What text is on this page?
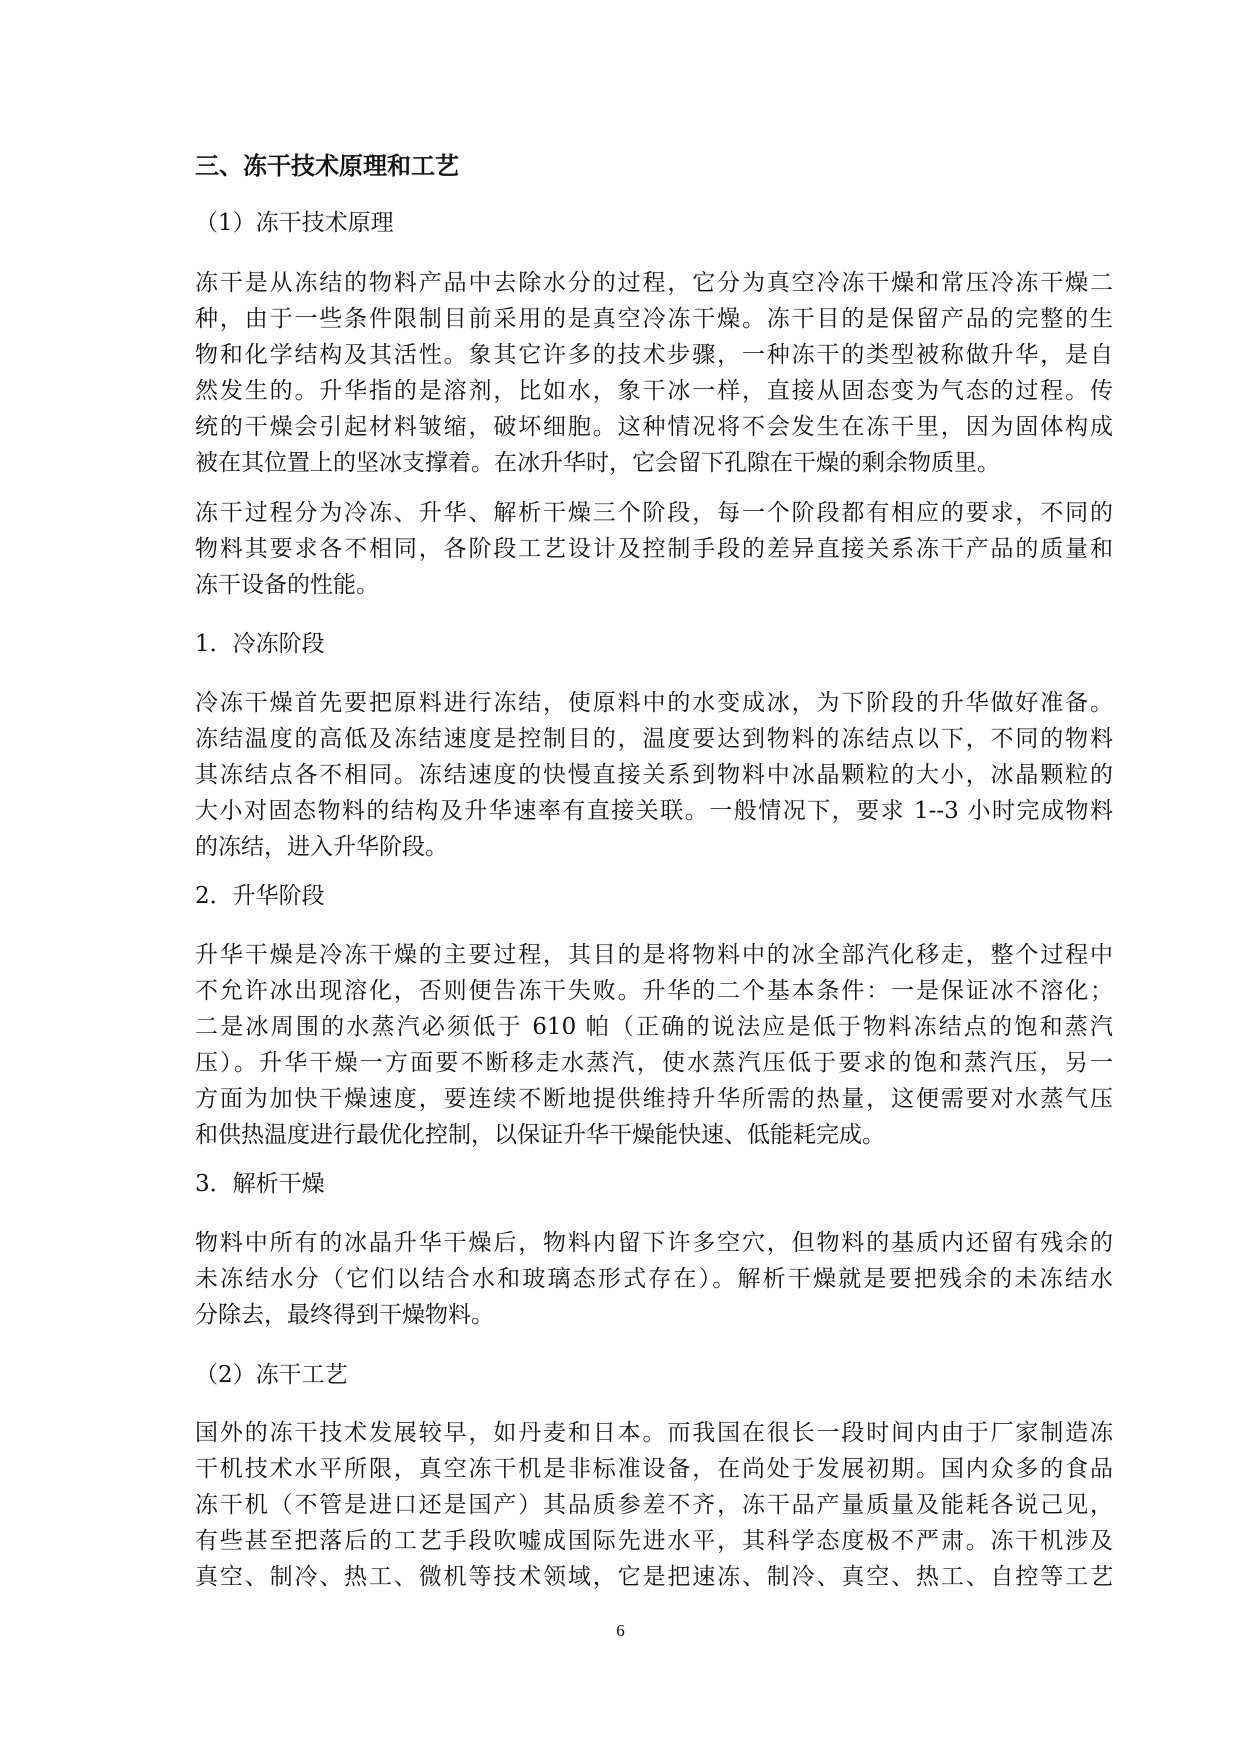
三、冻干技术原理和工艺
（1）冻干技术原理
冻干是从冻结的物料产品中去除水分的过程，它分为真空冷冻干燥和常压冷冻干燥二
种，由于一些条件限制目前采用的是真空冷冻干燥。冻干目的是保留产品的完整的生
物和化学结构及其活性。象其它许多的技术步骤，一种冻干的类型被称做升华，是自
然发生的。升华指的是溶剂，比如水，象干冰一样，直接从固态变为气态的过程。传
统的干燥会引起材料皱缩，破坏细胞。这种情况将不会发生在冻干里，因为固体构成
被在其位置上的坚冰支撑着。在冰升华时，它会留下孔隙在干燥的剩余物质里。
冻干过程分为冷冻、升华、解析干燥三个阶段，每一个阶段都有相应的要求，不同的
物料其要求各不相同，各阶段工艺设计及控制手段的差异直接关系冻干产品的质量和
冻干设备的性能。
1．冷冻阶段
冷冻干燥首先要把原料进行冻结，使原料中的水变成冰，为下阶段的升华做好准备。
冻结温度的高低及冻结速度是控制目的，温度要达到物料的冻结点以下，不同的物料
其冻结点各不相同。冻结速度的快慢直接关系到物料中冰晶颗粒的大小，冰晶颗粒的
大小对固态物料的结构及升华速率有直接关联。一般情况下，要求 1--3 小时完成物料
的冻结，进入升华阶段。
2．升华阶段
升华干燥是冷冻干燥的主要过程，其目的是将物料中的冰全部汽化移走，整个过程中
不允许冰出现溶化，否则便告冻干失败。升华的二个基本条件：一是保证冰不溶化；
二是冰周围的水蒸汽必须低于 610 帕（正确的说法应是低于物料冻结点的饱和蒸汽
压）。升华干燥一方面要不断移走水蒸汽，使水蒸汽压低于要求的饱和蒸汽压，另一
方面为加快干燥速度，要连续不断地提供维持升华所需的热量，这便需要对水蒸气压
和供热温度进行最优化控制，以保证升华干燥能快速、低能耗完成。
3．解析干燥
物料中所有的冰晶升华干燥后，物料内留下许多空穴，但物料的基质内还留有残余的
未冻结水分（它们以结合水和玻璃态形式存在）。解析干燥就是要把残余的未冻结水
分除去，最终得到干燥物料。
（2）冻干工艺
国外的冻干技术发展较早，如丹麦和日本。而我国在很长一段时间内由于厂家制造冻
干机技术水平所限，真空冻干机是非标准设备，在尚处于发展初期。国内众多的食品
冻干机（不管是进口还是国产）其品质参差不齐，冻干品产量质量及能耗各说己见，
有些甚至把落后的工艺手段吹嘘成国际先进水平，其科学态度极不严肃。冻干机涉及
真空、制冷、热工、微机等技术领域，它是把速冻、制冷、真空、热工、自控等工艺
6
